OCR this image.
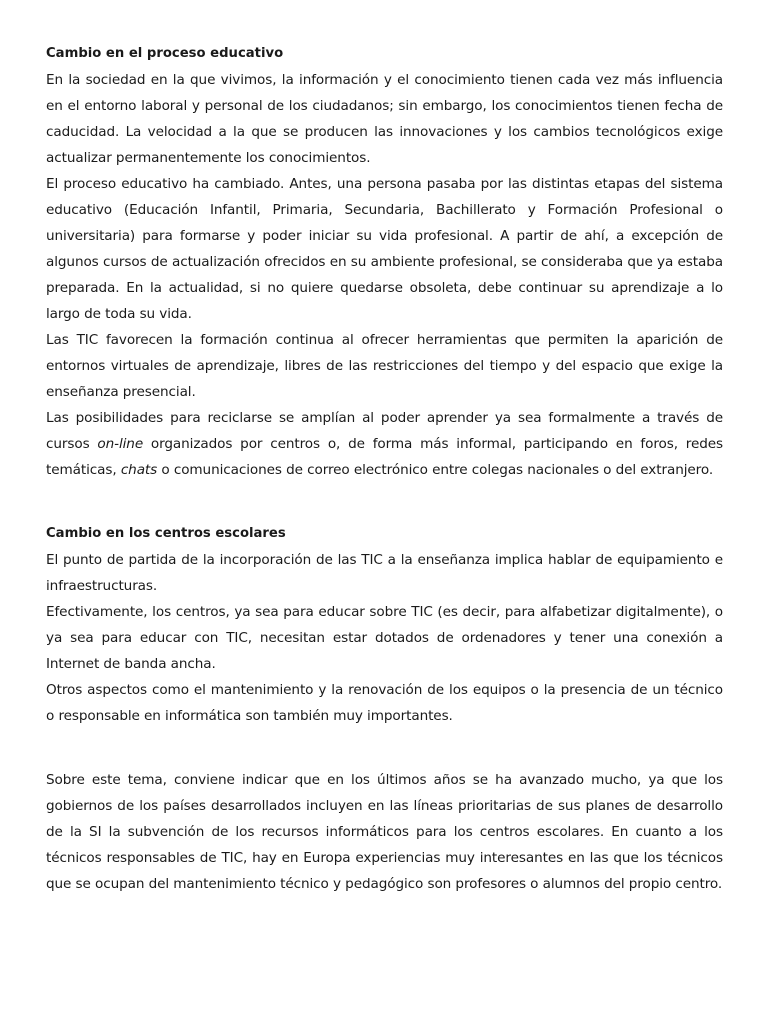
Cambio en el proceso educativo

En la sociedad en la que vivimos, la información y el conocimiento tienen cada vez más influencia en el entorno laboral y personal de los ciudadanos; sin embargo, los conocimientos tienen fecha de caducidad. La velocidad a la que se producen las innovaciones y los cambios tecnológicos exige actualizar permanentemente los conocimientos.

El proceso educativo ha cambiado. Antes, una persona pasaba por las distintas etapas del sistema educativo (Educación Infantil, Primaria, Secundaria, Bachillerato y Formación Profesional o universitaria) para formarse y poder iniciar su vida profesional. A partir de ahí, a excepción de algunos cursos de actualización ofrecidos en su ambiente profesional, se consideraba que ya estaba preparada. En la actualidad, si no quiere quedarse obsoleta, debe continuar su aprendizaje a lo largo de toda su vida.

Las TIC favorecen la formación continua al ofrecer herramientas que permiten la aparición de entornos virtuales de aprendizaje, libres de las restricciones del tiempo y del espacio que exige la enseñanza presencial.

Las posibilidades para reciclarse se amplían al poder aprender ya sea formalmente a través de cursos on-line organizados por centros o, de forma más informal, participando en foros, redes temáticas, chats o comunicaciones de correo electrónico entre colegas nacionales o del extranjero.

Cambio en los centros escolares

El punto de partida de la incorporación de las TIC a la enseñanza implica hablar de equipamiento e infraestructuras.

Efectivamente, los centros, ya sea para educar sobre TIC (es decir, para alfabetizar digitalmente), o ya sea para educar con TIC, necesitan estar dotados de ordenadores y tener una conexión a Internet de banda ancha.

Otros aspectos como el mantenimiento y la renovación de los equipos o la presencia de un técnico o responsable en informática son también muy importantes.

Sobre este tema, conviene indicar que en los últimos años se ha avanzado mucho, ya que los gobiernos de los países desarrollados incluyen en las líneas prioritarias de sus planes de desarrollo de la SI la subvención de los recursos informáticos para los centros escolares. En cuanto a los técnicos responsables de TIC, hay en Europa experiencias muy interesantes en las que los técnicos que se ocupan del mantenimiento técnico y pedagógico son profesores o alumnos del propio centro.
